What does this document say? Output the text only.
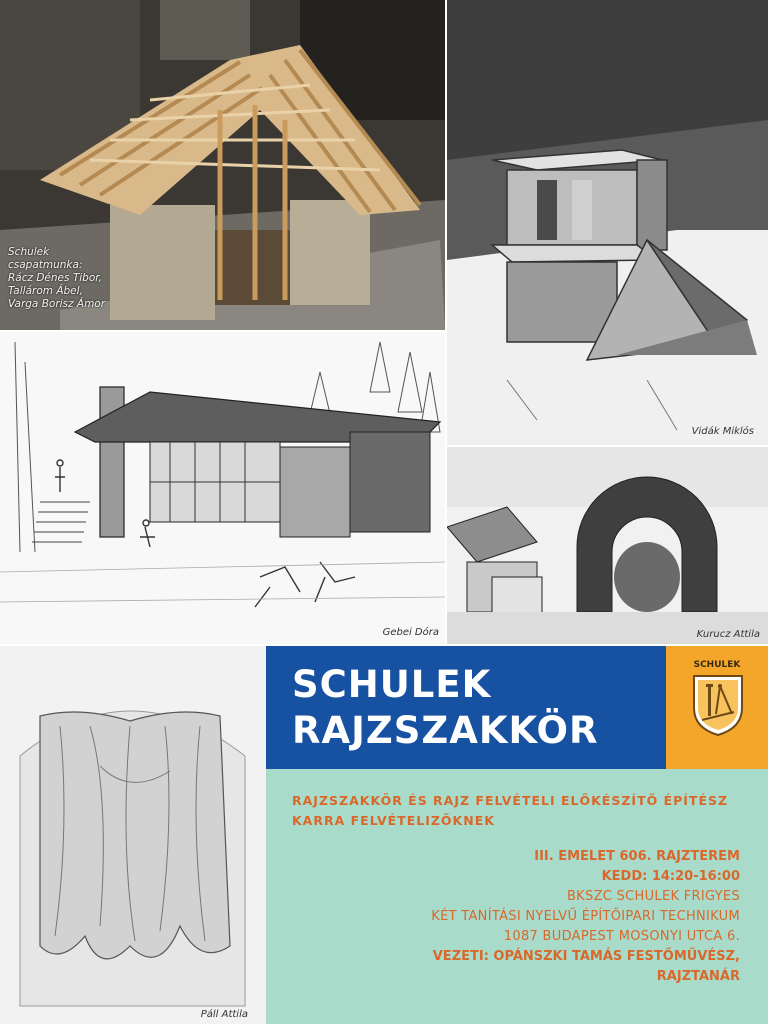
Schulek
csapatmunka:
Rácz Dénes Tibor,
Tallárom Ábel,
Varga Borisz Ámor
Vidák Miklós
Gebei Dóra	Kurucz Attila
Páll Attila
SCHULEK
RAJZSZAKKÖR
SCHULEK
RAJZSZAKKÖR ÉS RAJZ FELVÉTELI ELŐKÉSZÍTŐ ÉPÍTÉSZ KARRA FELVÉTELIZŐKNEK
III. EMELET 606. RAJZTEREM
KEDD: 14:20-16:00
BKSZC SCHULEK FRIGYES
KÉT TANÍTÁSI NYELVŰ ÉPÍTŐIPARI TECHNIKUM
1087 BUDAPEST MOSONYI UTCA 6.
VEZETI: OPÁNSZKI TAMÁS FESTŐMŰVÉSZ,
RAJZTANÁR
